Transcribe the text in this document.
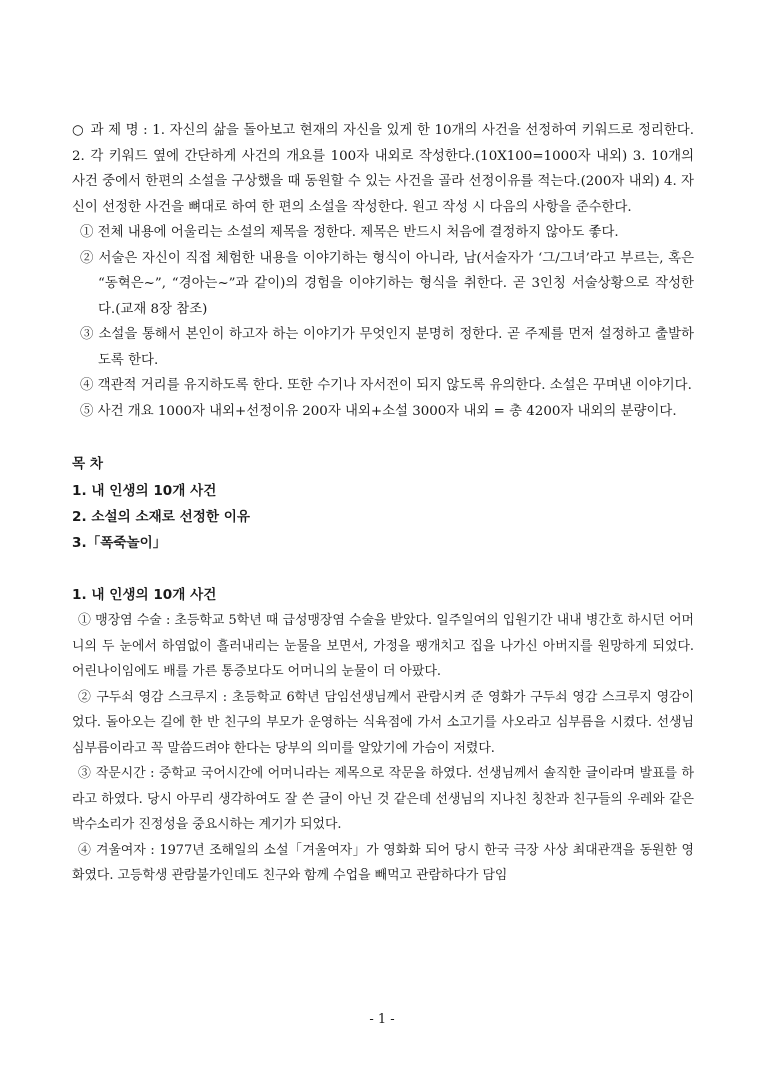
○ 과 제 명 : 1. 자신의 삶을 돌아보고 현재의 자신을 있게 한 10개의 사건을 선정하여 키워드로 정리한다. 2. 각 키워드 옆에 간단하게 사건의 개요를 100자 내외로 작성한다.(10X100=1000자 내외) 3. 10개의 사건 중에서 한편의 소설을 구상했을 때 동원할 수 있는 사건을 골라 선정이유를 적는다.(200자 내외) 4. 자신이 선정한 사건을 뼈대로 하여 한 편의 소설을 작성한다. 원고 작성 시 다음의 사항을 준수한다.

① 전체 내용에 어울리는 소설의 제목을 정한다. 제목은 반드시 처음에 결정하지 않아도 좋다.
② 서술은 자신이 직접 체험한 내용을 이야기하는 형식이 아니라, 남(서술자가 ‘그/그녀’라고 부르는, 혹은 “동혁은~”, “경아는~”과 같이)의 경험을 이야기하는 형식을 취한다. 곧 3인칭 서술상황으로 작성한다.(교재 8장 참조)
③ 소설을 통해서 본인이 하고자 하는 이야기가 무엇인지 분명히 정한다. 곧 주제를 먼저 설정하고 출발하도록 한다.
④ 객관적 거리를 유지하도록 한다. 또한 수기나 자서전이 되지 않도록 유의한다. 소설은 꾸며낸 이야기다.
⑤ 사건 개요 1000자 내외+선정이유 200자 내외+소설 3000자 내외 = 총 4200자 내외의 분량이다.
목 차
1. 내 인생의 10개 사건
2. 소설의 소재로 선정한 이유
3.「폭죽놀이」
1. 내 인생의 10개 사건

① 맹장염 수술 : 초등학교 5학년 때 급성맹장염 수술을 받았다. 일주일여의 입원기간 내내 병간호 하시던 어머니의 두 눈에서 하염없이 흘러내리는 눈물을 보면서, 가정을 팽개치고 집을 나가신 아버지를 원망하게 되었다. 어린나이임에도 배를 가른 통증보다도 어머니의 눈물이 더 아팠다.

② 구두쇠 영감 스크루지 : 초등학교 6학년 담임선생님께서 관람시켜 준 영화가 구두쇠 영감 스크루지 영감이었다. 돌아오는 길에 한 반 친구의 부모가 운영하는 식육점에 가서 소고기를 사오라고 심부름을 시켰다. 선생님 심부름이라고 꼭 말씀드려야 한다는 당부의 의미를 알았기에 가슴이 저렸다.

③ 작문시간 : 중학교 국어시간에 어머니라는 제목으로 작문을 하였다. 선생님께서 솔직한 글이라며 발표를 하라고 하였다. 당시 아무리 생각하여도 잘 쓴 글이 아닌 것 같은데 선생님의 지나친 칭찬과 친구들의 우레와 같은 박수소리가 진정성을 중요시하는 계기가 되었다.

④ 겨울여자 : 1977년 조해일의 소설「겨울여자」가 영화화 되어 당시 한국 극장 사상 최대관객을 동원한 영화였다. 고등학생 관람불가인데도 친구와 함께 수업을 빼먹고 관람하다가 담임

- 1 -
